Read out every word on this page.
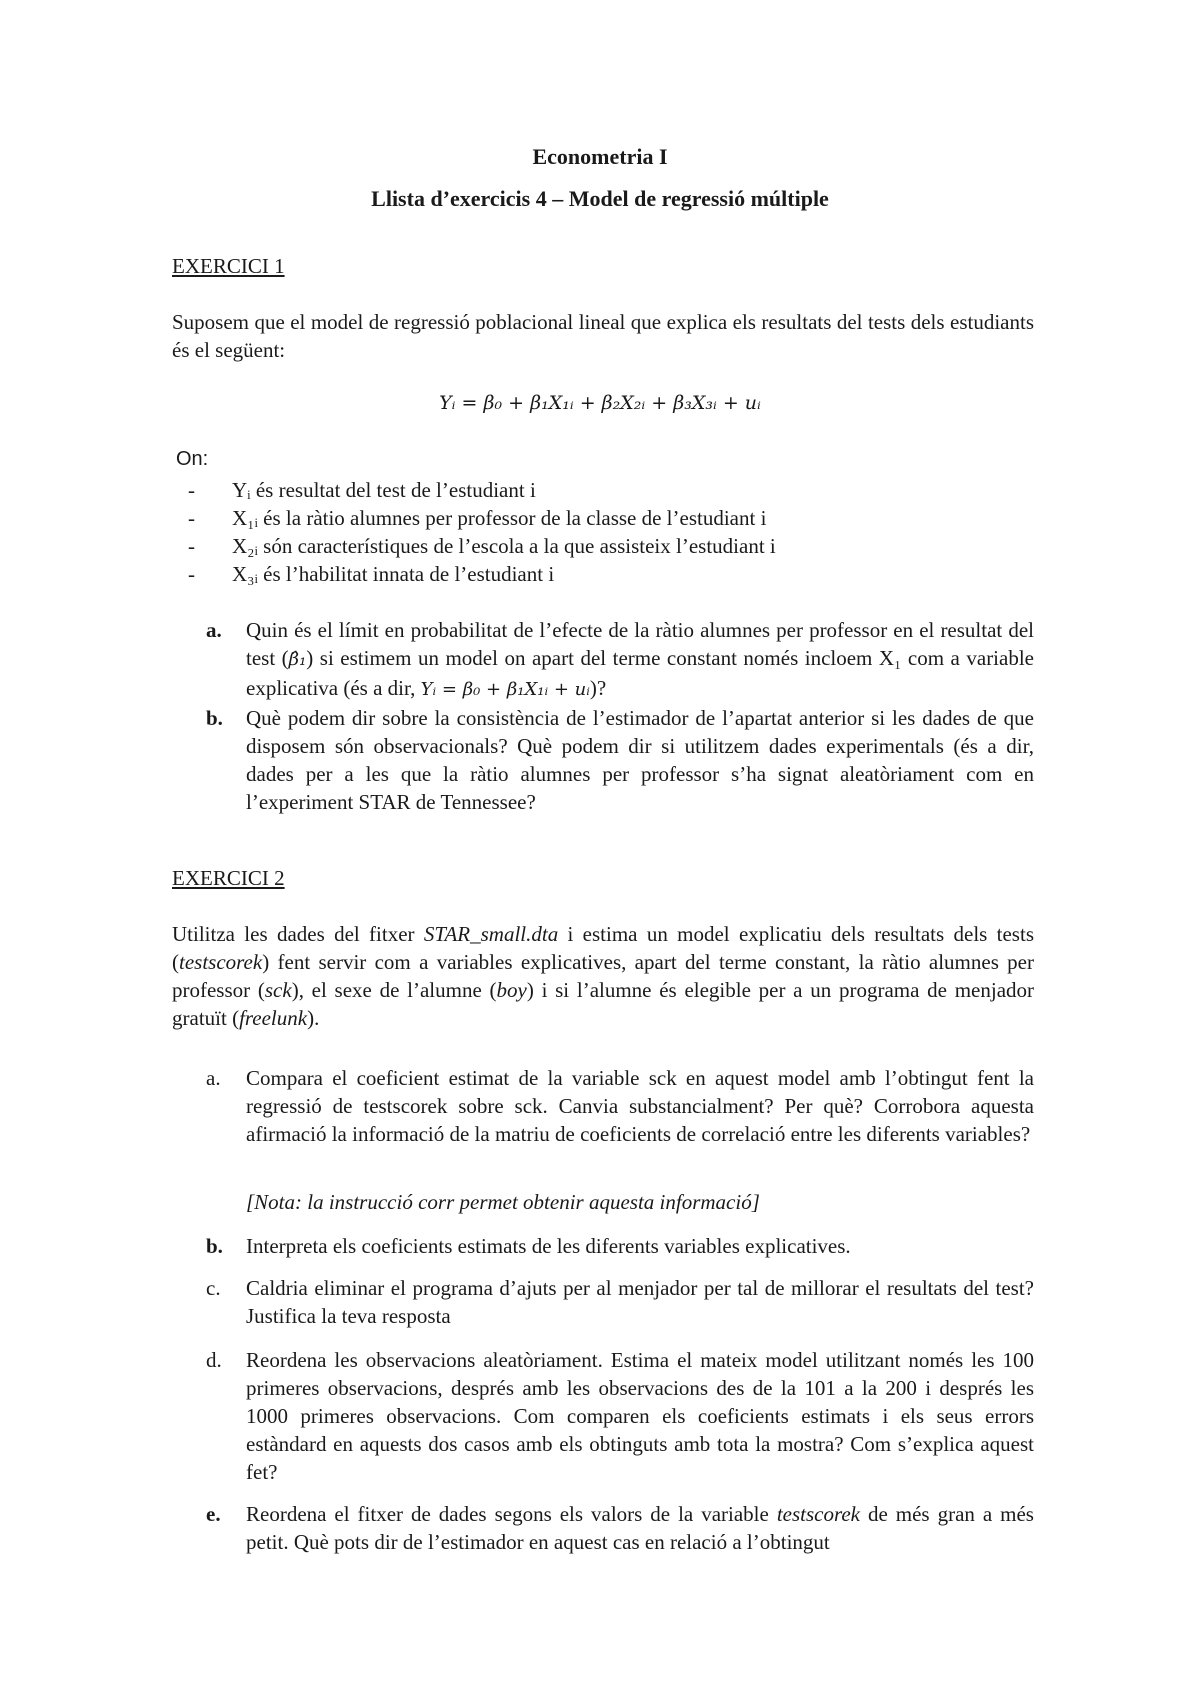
Econometria I
Llista d’exercicis 4 – Model de regressió múltiple
EXERCICI 1
Suposem que el model de regressió poblacional lineal que explica els resultats del tests dels estudiants és el següent:
Yᵢ = β₀ + β₁X₁ᵢ + β₂X₂ᵢ + β₃X₃ᵢ + uᵢ
On:
- Yᵢ és resultat del test de l’estudiant i
- X₁ᵢ és la ràtio alumnes per professor de la classe de l’estudiant i
- X₂ᵢ són característiques de l’escola a la que assisteix l’estudiant i
- X₃ᵢ és l’habilitat innata de l’estudiant i
a. Quin és el límit en probabilitat de l’efecte de la ràtio alumnes per professor en el resultat del test (β̂₁) si estimem un model on apart del terme constant només incloem X₁ com a variable explicativa (és a dir, Yᵢ = β₀ + β₁X₁ᵢ + uᵢ)?
b. Què podem dir sobre la consistència de l’estimador de l’apartat anterior si les dades de que disposem són observacionals? Què podem dir si utilitzem dades experimentals (és a dir, dades per a les que la ràtio alumnes per professor s’ha signat aleatòriament com en l’experiment STAR de Tennessee?
EXERCICI 2
Utilitza les dades del fitxer STAR_small.dta i estima un model explicatiu dels resultats dels tests (testscorek) fent servir com a variables explicatives, apart del terme constant, la ràtio alumnes per professor (sck), el sexe de l’alumne (boy) i si l’alumne és elegible per a un programa de menjador gratuït (freelunk).
a. Compara el coeficient estimat de la variable sck en aquest model amb l’obtingut fent la regressió de testscorek sobre sck. Canvia substancialment? Per què? Corrobora aquesta afirmació la informació de la matriu de coeficients de correlació entre les diferents variables?
[Nota: la instrucció corr permet obtenir aquesta informació]
b. Interpreta els coeficients estimats de les diferents variables explicatives.
c. Caldria eliminar el programa d’ajuts per al menjador per tal de millorar el resultats del test? Justifica la teva resposta
d. Reordena les observacions aleatòriament. Estima el mateix model utilitzant només les 100 primeres observacions, després amb les observacions des de la 101 a la 200 i després les 1000 primeres observacions. Com comparen els coeficients estimats i els seus errors estàndard en aquests dos casos amb els obtinguts amb tota la mostra? Com s’explica aquest fet?
e. Reordena el fitxer de dades segons els valors de la variable testscorek de més gran a més petit. Què pots dir de l’estimador en aquest cas en relació a l’obtingut
